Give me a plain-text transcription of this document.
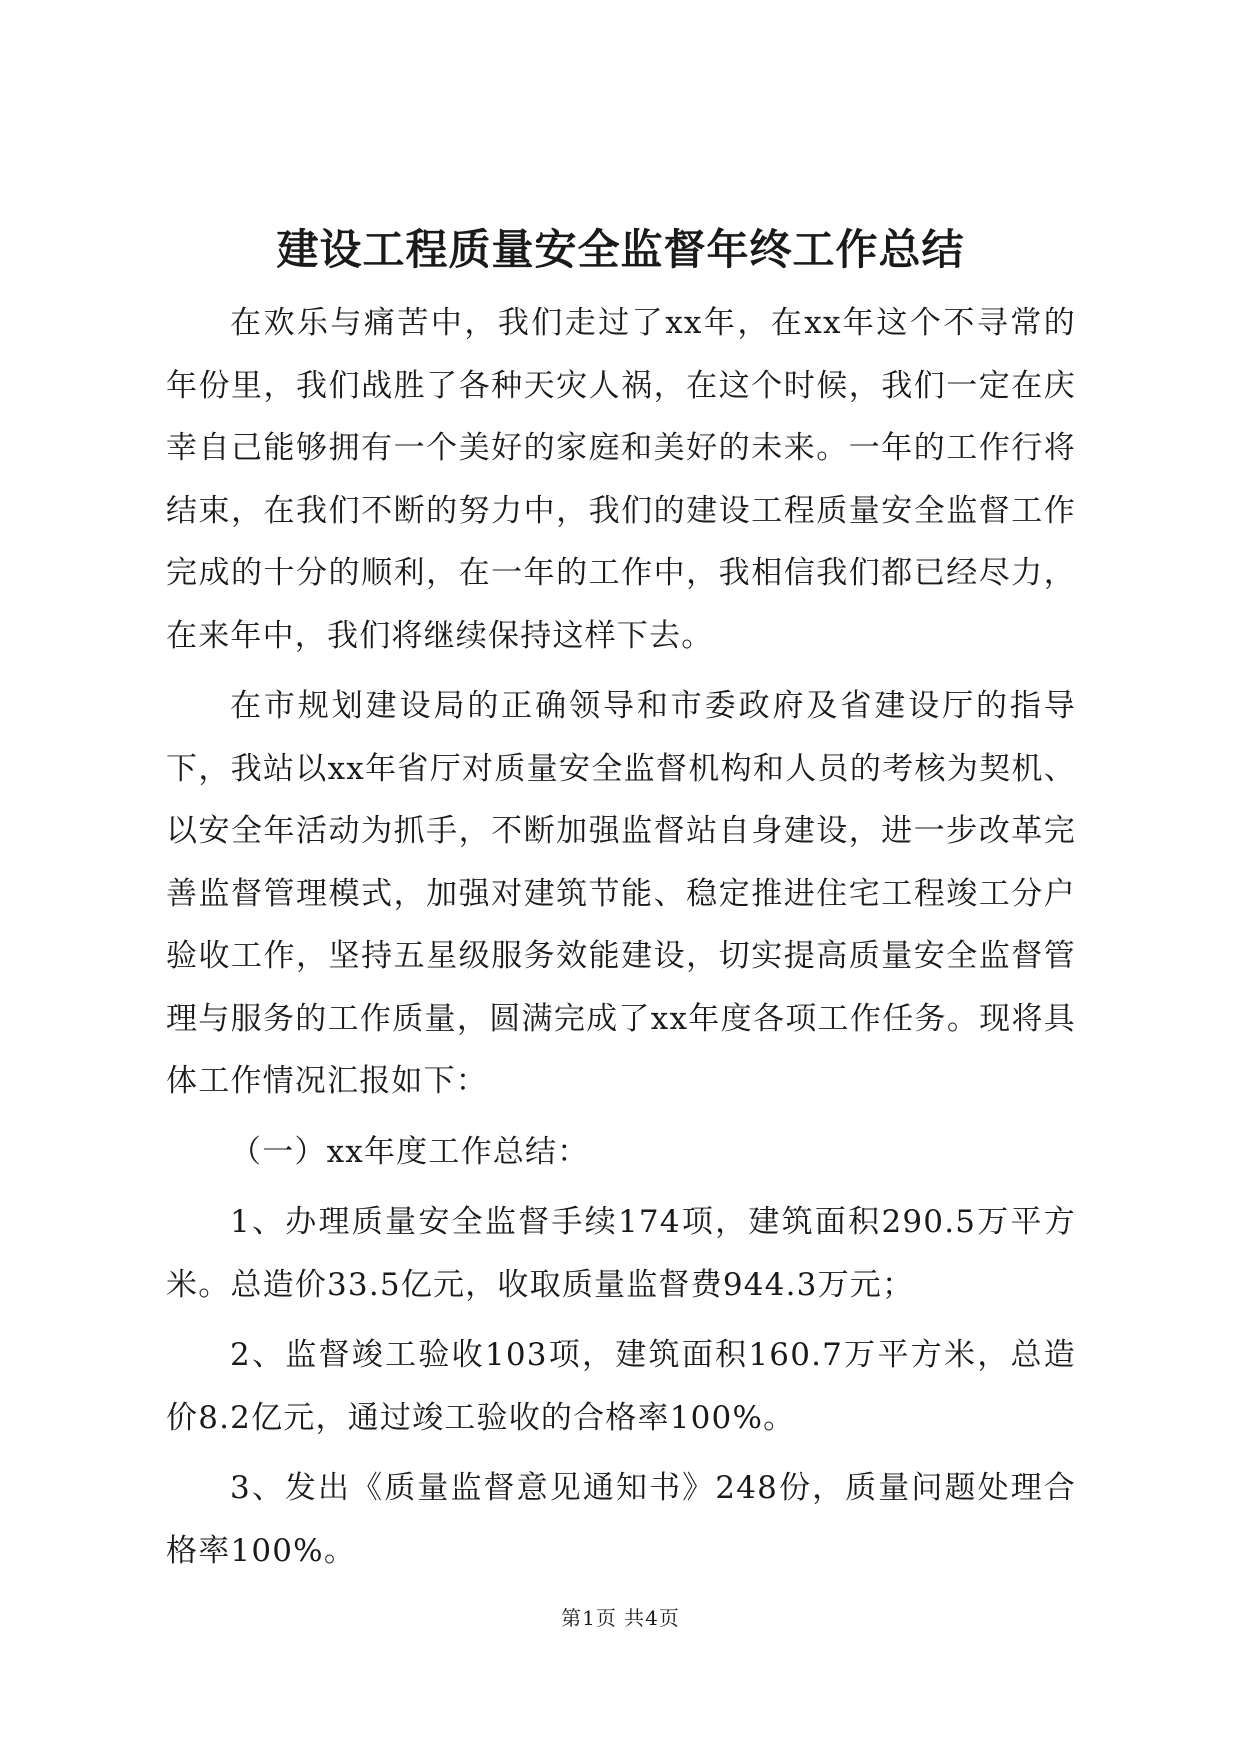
建设工程质量安全监督年终工作总结

在欢乐与痛苦中，我们走过了xx年，在xx年这个不寻常的年份里，我们战胜了各种天灾人祸，在这个时候，我们一定在庆幸自己能够拥有一个美好的家庭和美好的未来。一年的工作行将结束，在我们不断的努力中，我们的建设工程质量安全监督工作完成的十分的顺利，在一年的工作中，我相信我们都已经尽力，在来年中，我们将继续保持这样下去。

在市规划建设局的正确领导和市委政府及省建设厅的指导下，我站以xx年省厅对质量安全监督机构和人员的考核为契机、以安全年活动为抓手，不断加强监督站自身建设，进一步改革完善监督管理模式，加强对建筑节能、稳定推进住宅工程竣工分户验收工作，坚持五星级服务效能建设，切实提高质量安全监督管理与服务的工作质量，圆满完成了xx年度各项工作任务。现将具体工作情况汇报如下：

（一）xx年度工作总结：

1、办理质量安全监督手续174项，建筑面积290.5万平方米。总造价33.5亿元，收取质量监督费944.3万元；

2、监督竣工验收103项，建筑面积160.7万平方米，总造价8.2亿元，通过竣工验收的合格率100%。

3、发出《质量监督意见通知书》248份，质量问题处理合格率100%。

第1页 共4页
